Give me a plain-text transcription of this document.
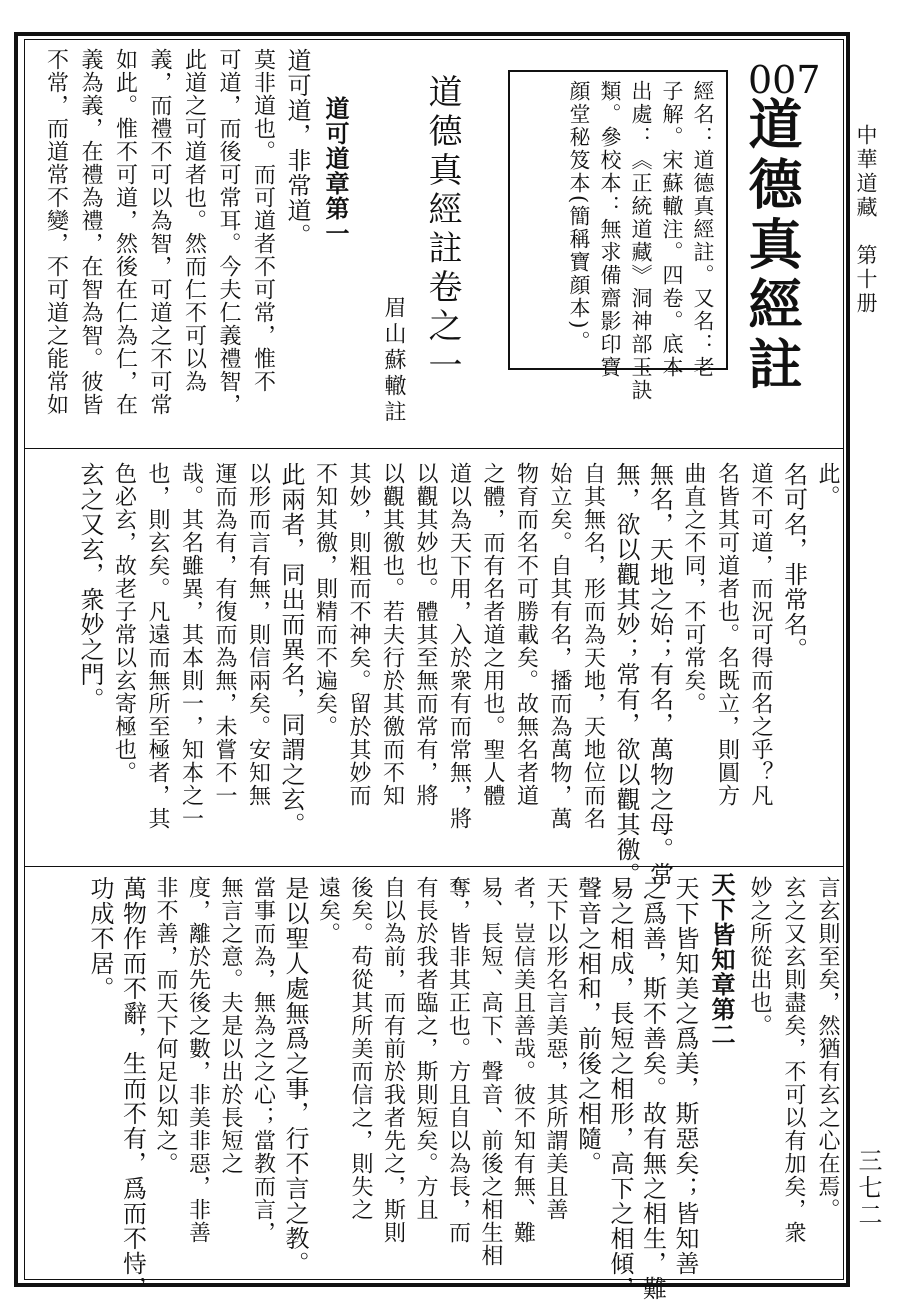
中華道藏　第十册
三七二
007
道德真經註
經名：道德真經註。又名：老
子解。宋蘇轍注。四卷。底本
出處：《正統道藏》洞神部玉訣
類。參校本：無求備齋影印寶
顔堂秘笈本(簡稱寶顔本)。
道德真經註卷之一
眉山蘇轍註
道可道章第一
道可道，非常道。
莫非道也。而可道者不可常，惟不
可道，而後可常耳。今夫仁義禮智，
此道之可道者也。然而仁不可以為
義，而禮不可以為智，可道之不可常
如此。惟不可道，然後在仁為仁，在
義為義，在禮為禮，在智為智。彼皆
不常，而道常不變，不可道之能常如
此。
名可名，非常名。
道不可道，而況可得而名之乎？凡
名皆其可道者也。名既立，則圓方
曲直之不同，不可常矣。
無名，天地之始；有名，萬物之母。常
無，欲以觀其妙；常有，欲以觀其徼。
自其無名，形而為天地，天地位而名
始立矣。自其有名，播而為萬物，萬
物育而名不可勝載矣。故無名者道
之體，而有名者道之用也。聖人體
道以為天下用，入於衆有而常無，將
以觀其妙也。體其至無而常有，將
以觀其徼也。若夫行於其徼而不知
其妙，則粗而不神矣。留於其妙而
不知其徼，則精而不遍矣。
此兩者，同出而異名，同謂之玄。
以形而言有無，則信兩矣。安知無
運而為有，有復而為無，未嘗不一
哉。其名雖異，其本則一，知本之一
也，則玄矣。凡遠而無所至極者，其
色必玄，故老子常以玄寄極也。
玄之又玄，衆妙之門。
言玄則至矣，然猶有玄之心在焉。
玄之又玄則盡矣，不可以有加矣，衆
妙之所從出也。
天下皆知美之爲美，斯惡矣；皆知善
之爲善，斯不善矣。故有無之相生，難
易之相成，長短之相形，高下之相傾，
聲音之相和，前後之相隨。
天下以形名言美惡，其所謂美且善
者，豈信美且善哉。彼不知有無、難
易、長短、高下、聲音、前後之相生相
奪，皆非其正也。方且自以為長，而
有長於我者臨之，斯則短矣。方且
自以為前，而有前於我者先之，斯則
後矣。苟從其所美而信之，則失之
遠矣。
是以聖人處無爲之事，行不言之教。
當事而為，無為之之心；當教而言，
無言之意。夫是以出於長短之
度，離於先後之數，非美非惡，非善
非不善，而天下何足以知之。
萬物作而不辭，生而不有，爲而不恃，
功成不居。	天下皆知章第二
